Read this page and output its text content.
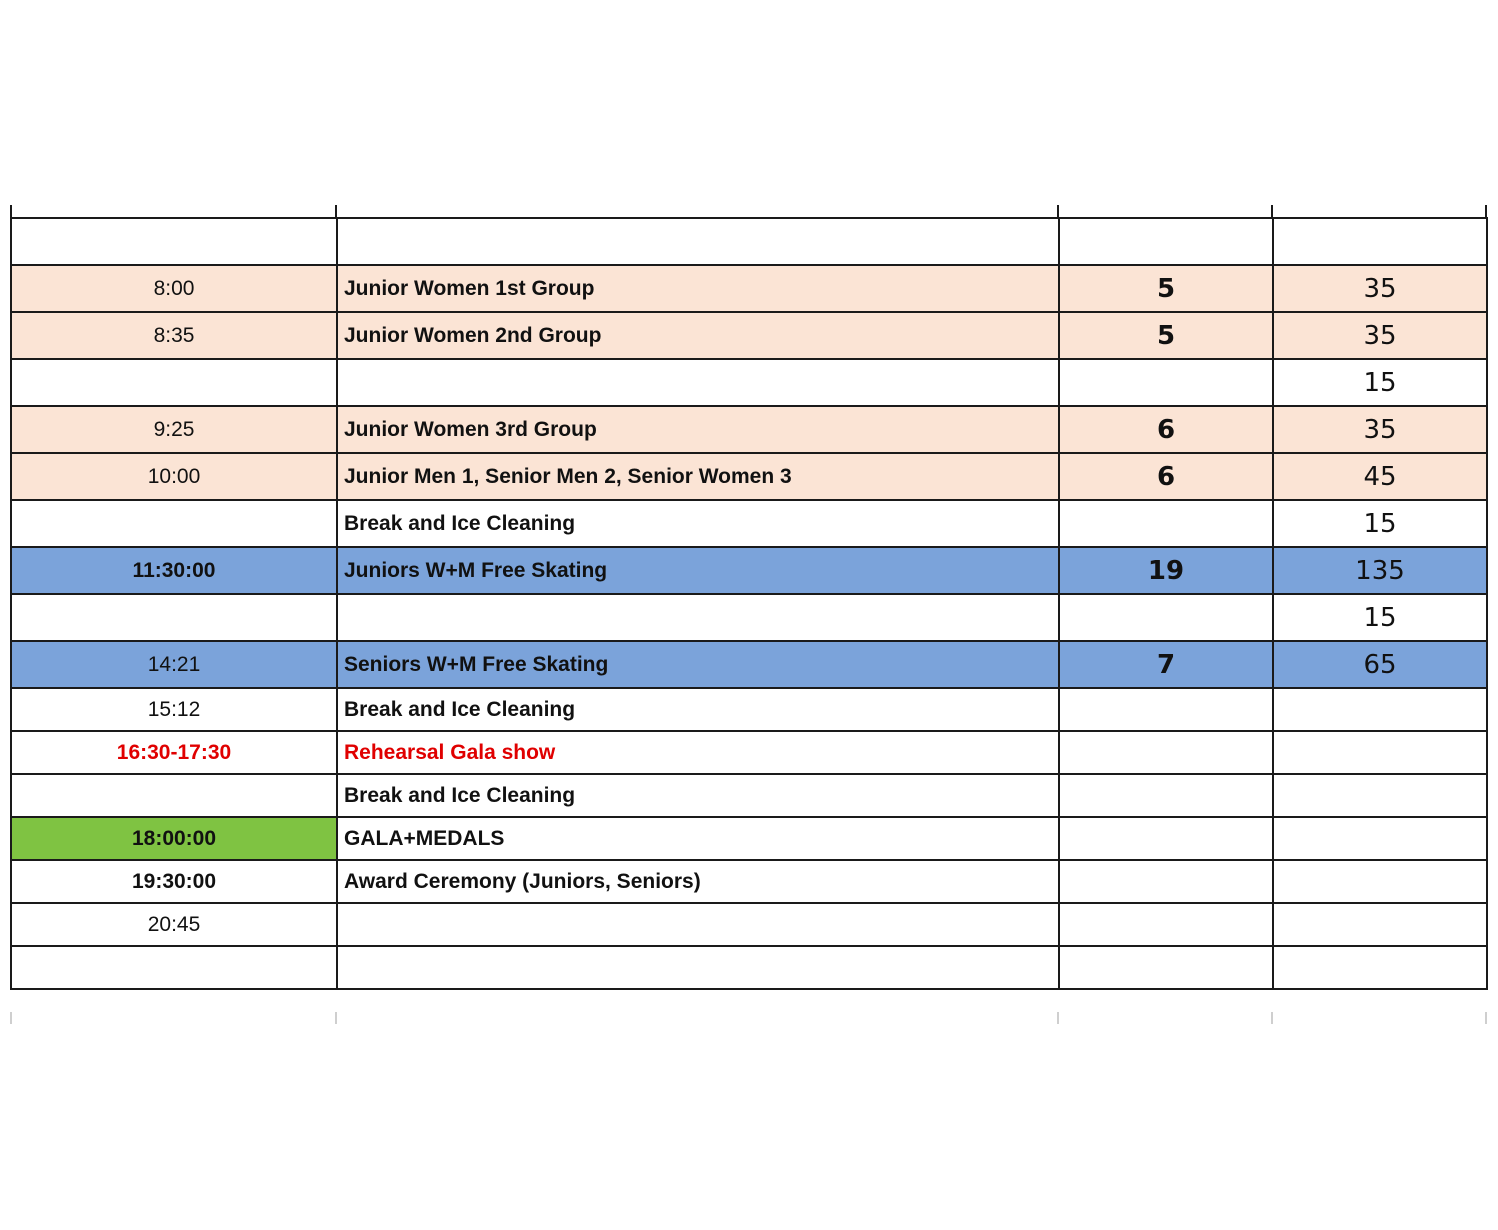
8:00	Junior Women 1st Group	5	35
8:35	Junior Women 2nd Group	5	35
			15
9:25	Junior Women 3rd Group	6	35
10:00	Junior Men 1, Senior Men 2, Senior Women 3	6	45
	Break and Ice Cleaning		15
11:30:00	Juniors W+M Free Skating	19	135
			15
14:21	Seniors W+M Free Skating	7	65
15:12	Break and Ice Cleaning		
16:30-17:30	Rehearsal Gala show		
	Break and Ice Cleaning		
18:00:00	GALA+MEDALS		
19:30:00	Award Ceremony (Juniors, Seniors)		
20:45			
